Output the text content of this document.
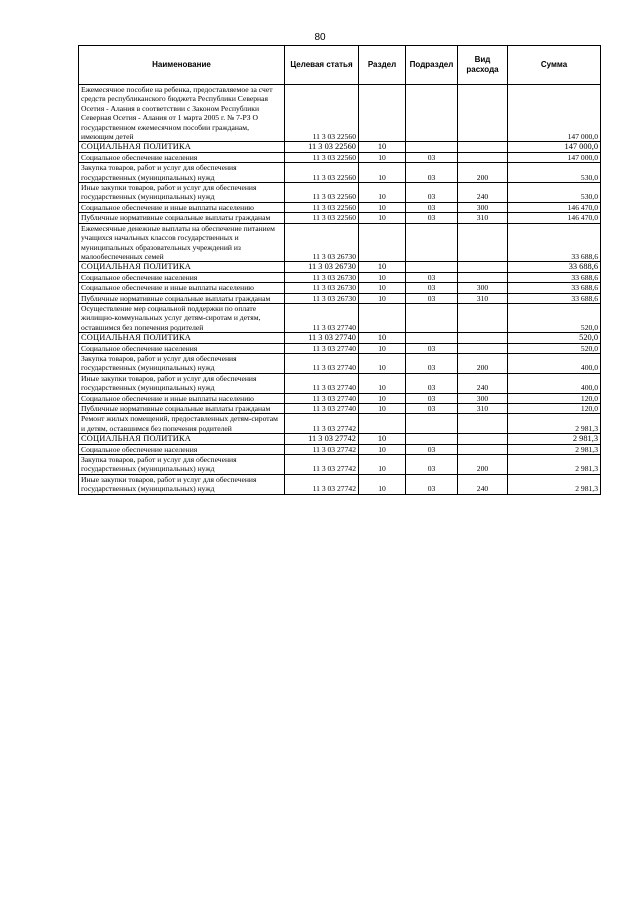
80
Наименование	Целевая статья	Раздел	Подраздел	Вид расхода	Сумма
Ежемесячное пособие на ребенка, предоставляемое за счет средств республиканского бюджета Республики Северная Осетия - Алания в соответствии с Законом Республики Северная Осетия - Алания от 1 марта 2005 г. № 7-РЗ О государственном ежемесячном пособии гражданам, имеющим детей	11 3 03 22560				147 000,0
СОЦИАЛЬНАЯ ПОЛИТИКА	11 3 03 22560	10			147 000,0
Социальное обеспечение населения	11 3 03 22560	10	03		147 000,0
Закупка товаров, работ и услуг для обеспечения государственных (муниципальных) нужд	11 3 03 22560	10	03	200	530,0
Иные закупки товаров, работ и услуг для обеспечения государственных (муниципальных) нужд	11 3 03 22560	10	03	240	530,0
Социальное обеспечение и иные выплаты населению	11 3 03 22560	10	03	300	146 470,0
Публичные нормативные социальные выплаты гражданам	11 3 03 22560	10	03	310	146 470,0
Ежемесячные денежные выплаты на обеспечение питанием учащихся начальных классов государственных и муниципальных образовательных учреждений из малообеспеченных семей	11 3 03 26730				33 688,6
СОЦИАЛЬНАЯ ПОЛИТИКА	11 3 03 26730	10			33 688,6
Социальное обеспечение населения	11 3 03 26730	10	03		33 688,6
Социальное обеспечение и иные выплаты населению	11 3 03 26730	10	03	300	33 688,6
Публичные нормативные социальные выплаты гражданам	11 3 03 26730	10	03	310	33 688,6
Осуществление мер социальной поддержки по оплате жилищно-коммунальных услуг детям-сиротам и детям, оставшимся без попечения родителей	11 3 03 27740				520,0
СОЦИАЛЬНАЯ ПОЛИТИКА	11 3 03 27740	10			520,0
Социальное обеспечение населения	11 3 03 27740	10	03		520,0
Закупка товаров, работ и услуг для обеспечения государственных (муниципальных) нужд	11 3 03 27740	10	03	200	400,0
Иные закупки товаров, работ и услуг для обеспечения государственных (муниципальных) нужд	11 3 03 27740	10	03	240	400,0
Социальное обеспечение и иные выплаты населению	11 3 03 27740	10	03	300	120,0
Публичные нормативные социальные выплаты гражданам	11 3 03 27740	10	03	310	120,0
Ремонт жилых помещений, предоставленных детям-сиротам и детям, оставшимся без попечения родителей	11 3 03 27742				2 981,3
СОЦИАЛЬНАЯ ПОЛИТИКА	11 3 03 27742	10			2 981,3
Социальное обеспечение населения	11 3 03 27742	10	03		2 981,3
Закупка товаров, работ и услуг для обеспечения государственных (муниципальных) нужд	11 3 03 27742	10	03	200	2 981,3
Иные закупки товаров, работ и услуг для обеспечения государственных (муниципальных) нужд	11 3 03 27742	10	03	240	2 981,3
